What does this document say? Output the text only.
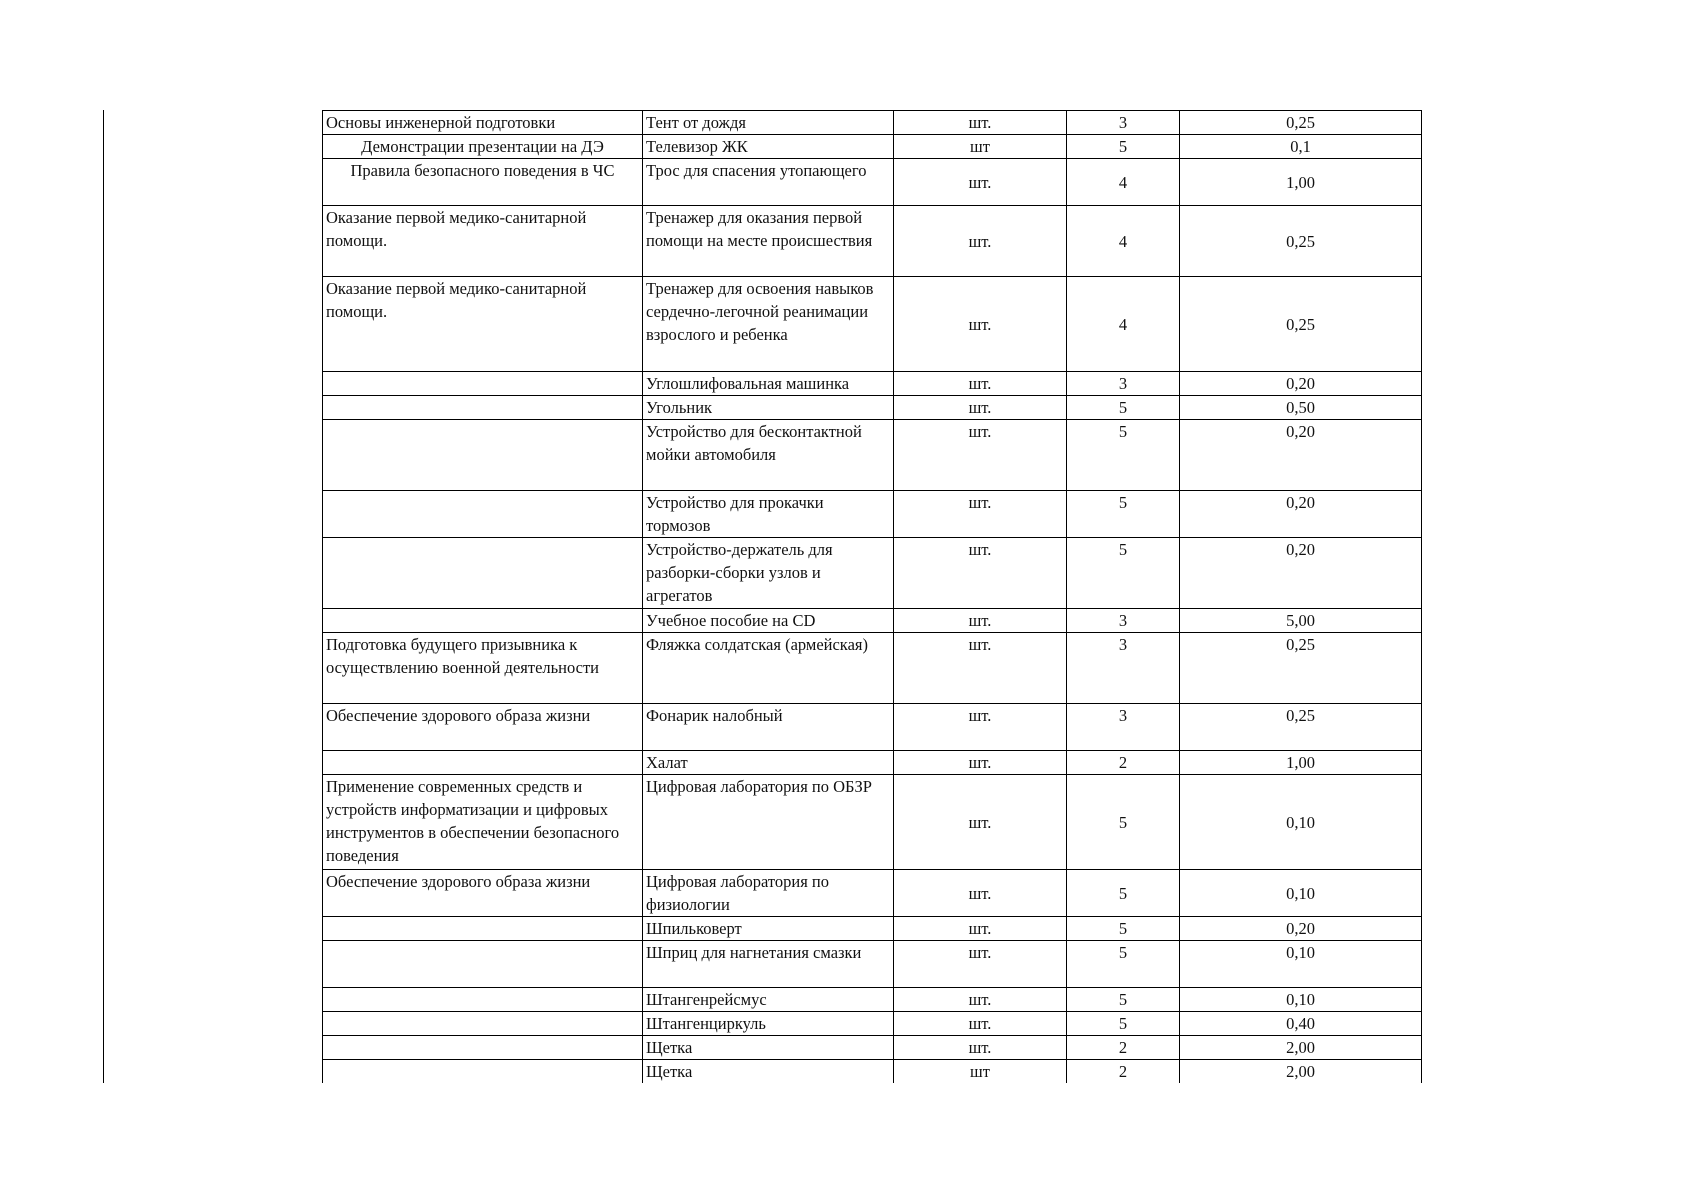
Основы инженерной подготовки	Тент от дождя	шт.	3	0,25
Демонстрации презентации на ДЭ	Телевизор ЖК	шт	5	0,1
Правила безопасного поведения в ЧС	Трос для спасения утопающего	шт.	4	1,00
Оказание первой медико-санитарной помощи.	Тренажер для оказания первой помощи на месте происшествия	шт.	4	0,25
Оказание первой медико-санитарной помощи.	Тренажер для освоения навыков сердечно-легочной реанимации взрослого и ребенка	шт.	4	0,25
	Углошлифовальная машинка	шт.	3	0,20
	Угольник	шт.	5	0,50
	Устройство для бесконтактной мойки автомобиля	шт.	5	0,20
	Устройство для прокачки тормозов	шт.	5	0,20
	Устройство-держатель для разборки-сборки узлов и агрегатов	шт.	5	0,20
	Учебное пособие на CD	шт.	3	5,00
Подготовка будущего призывника к осуществлению военной деятельности	Фляжка солдатская (армейская)	шт.	3	0,25
Обеспечение здорового образа жизни	Фонарик налобный	шт.	3	0,25
	Халат	шт.	2	1,00
Применение современных средств и устройств информатизации и цифровых инструментов в обеспечении безопасного поведения	Цифровая лаборатория по ОБЗР	шт.	5	0,10
Обеспечение здорового образа жизни	Цифровая лаборатория по физиологии	шт.	5	0,10
	Шпильковерт	шт.	5	0,20
	Шприц для нагнетания смазки	шт.	5	0,10
	Штангенрейсмус	шт.	5	0,10
	Штангенциркуль	шт.	5	0,40
	Щетка	шт.	2	2,00
	Щетка	шт	2	2,00
